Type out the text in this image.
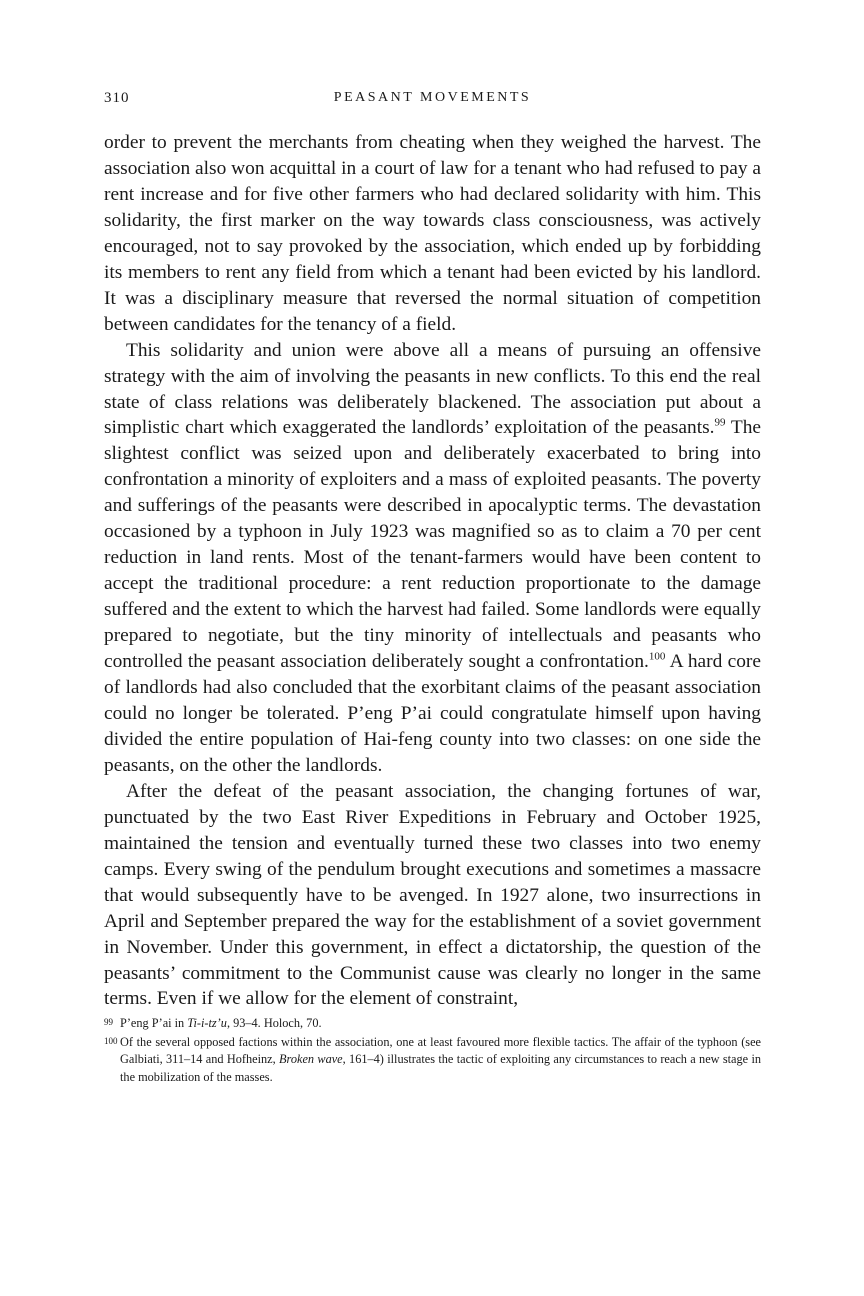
310	PEASANT MOVEMENTS

order to prevent the merchants from cheating when they weighed the harvest. The association also won acquittal in a court of law for a tenant who had refused to pay a rent increase and for five other farmers who had declared solidarity with him. This solidarity, the first marker on the way towards class consciousness, was actively encouraged, not to say provoked by the association, which ended up by forbidding its members to rent any field from which a tenant had been evicted by his landlord. It was a disciplinary measure that reversed the normal situation of competition between candidates for the tenancy of a field.

This solidarity and union were above all a means of pursuing an offensive strategy with the aim of involving the peasants in new conflicts. To this end the real state of class relations was deliberately blackened. The association put about a simplistic chart which exaggerated the landlords’ exploitation of the peasants.$^{99}$ The slightest conflict was seized upon and deliberately exacerbated to bring into confrontation a minority of exploiters and a mass of exploited peasants. The poverty and sufferings of the peasants were described in apocalyptic terms. The devastation occasioned by a typhoon in July 1923 was magnified so as to claim a 70 per cent reduction in land rents. Most of the tenant-farmers would have been content to accept the traditional procedure: a rent reduction proportionate to the damage suffered and the extent to which the harvest had failed. Some landlords were equally prepared to negotiate, but the tiny minority of intellectuals and peasants who controlled the peasant association deliberately sought a confrontation.$^{100}$ A hard core of landlords had also concluded that the exorbitant claims of the peasant association could no longer be tolerated. P’eng P’ai could congratulate himself upon having divided the entire population of Hai-feng county into two classes: on one side the peasants, on the other the landlords.

After the defeat of the peasant association, the changing fortunes of war, punctuated by the two East River Expeditions in February and October 1925, maintained the tension and eventually turned these two classes into two enemy camps. Every swing of the pendulum brought executions and sometimes a massacre that would subsequently have to be avenged. In 1927 alone, two insurrections in April and September prepared the way for the establishment of a soviet government in November. Under this government, in effect a dictatorship, the question of the peasants’ commitment to the Communist cause was clearly no longer in the same terms. Even if we allow for the element of constraint,

99 P’eng P’ai in Ti-i-tz’u, 93–4. Holoch, 70.

100 Of the several opposed factions within the association, one at least favoured more flexible tactics. The affair of the typhoon (see Galbiati, 311–14 and Hofheinz, Broken wave, 161–4) illustrates the tactic of exploiting any circumstances to reach a new stage in the mobilization of the masses.
